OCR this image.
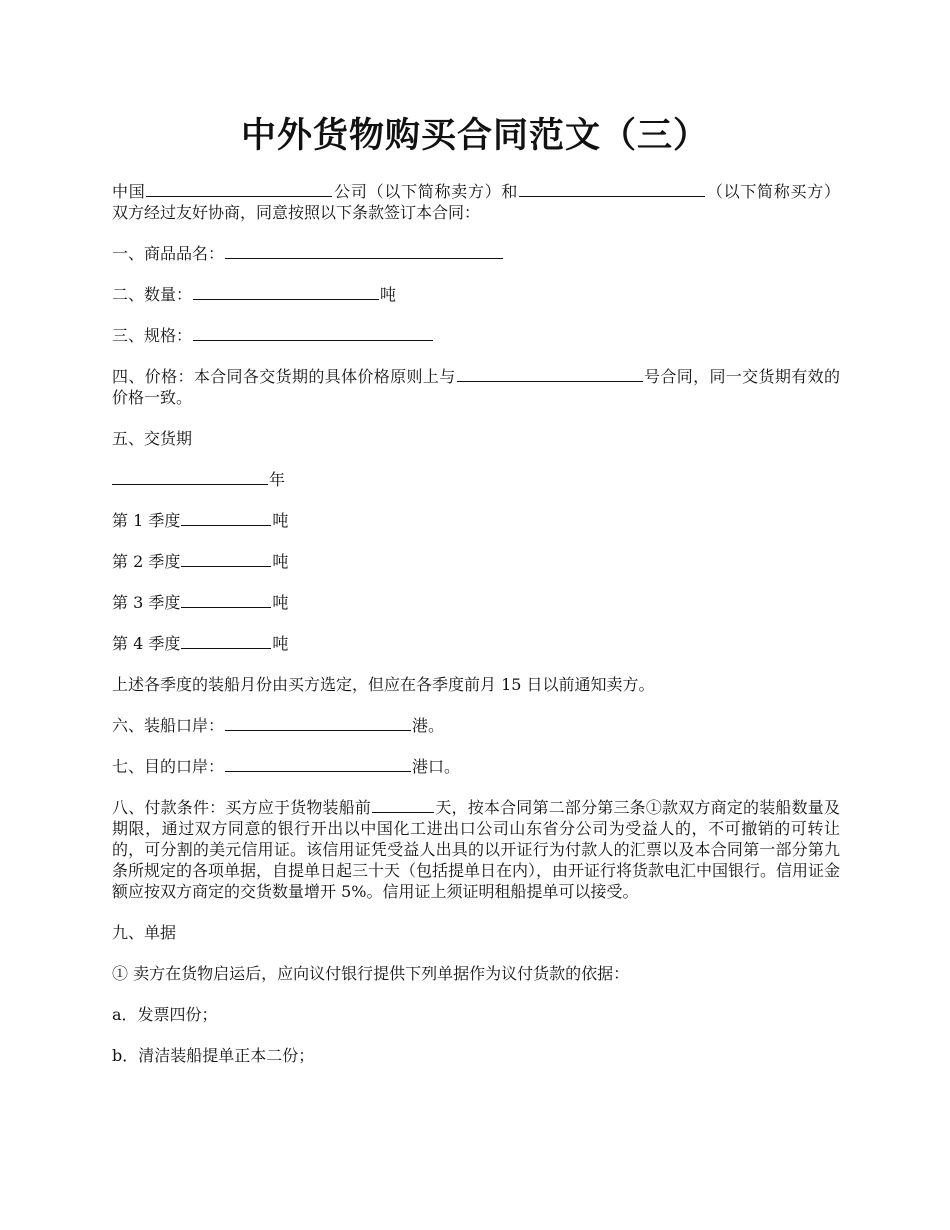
中外货物购买合同范文（三）

中国	公司（以下简称卖方）和	（以下简称买方）双方经过友好协商，同意按照以下条款签订本合同：

一、商品品名：

二、数量：	吨

三、规格：

四、价格：本合同各交货期的具体价格原则上与	号合同，同一交货期有效的价格一致。

五、交货期

年

第 1 季度	吨

第 2 季度	吨

第 3 季度	吨

第 4 季度	吨

上述各季度的装船月份由买方选定，但应在各季度前月 15 日以前通知卖方。

六、装船口岸：	港。

七、目的口岸：	港口。

八、付款条件：买方应于货物装船前	天，按本合同第二部分第三条①款双方商定的装船数量及期限，通过双方同意的银行开出以中国化工进出口公司山东省分公司为受益人的，不可撤销的可转让的，可分割的美元信用证。该信用证凭受益人出具的以开证行为付款人的汇票以及本合同第一部分第九条所规定的各项单据，自提单日起三十天（包括提单日在内），由开证行将货款电汇中国银行。信用证金额应按双方商定的交货数量增开 5%。信用证上须证明租船提单可以接受。

九、单据

① 卖方在货物启运后，应向议付银行提供下列单据作为议付货款的依据：

a．发票四份；

b．清洁装船提单正本二份；
